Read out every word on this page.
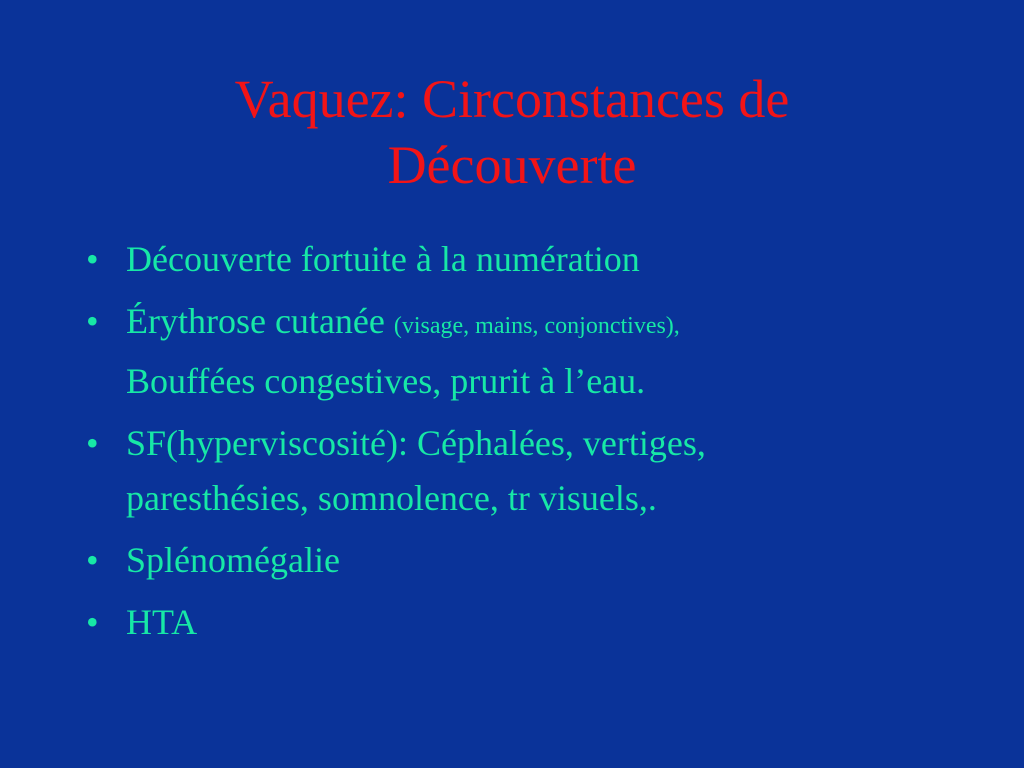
Vaquez: Circonstances de
Découverte
• Découverte fortuite à la numération
• Érythrose cutanée (visage, mains, conjonctives),
Bouffées congestives, prurit à l’eau.
• SF(hyperviscosité): Céphalées, vertiges,
paresthésies, somnolence, tr visuels,.
• Splénomégalie
• HTA
